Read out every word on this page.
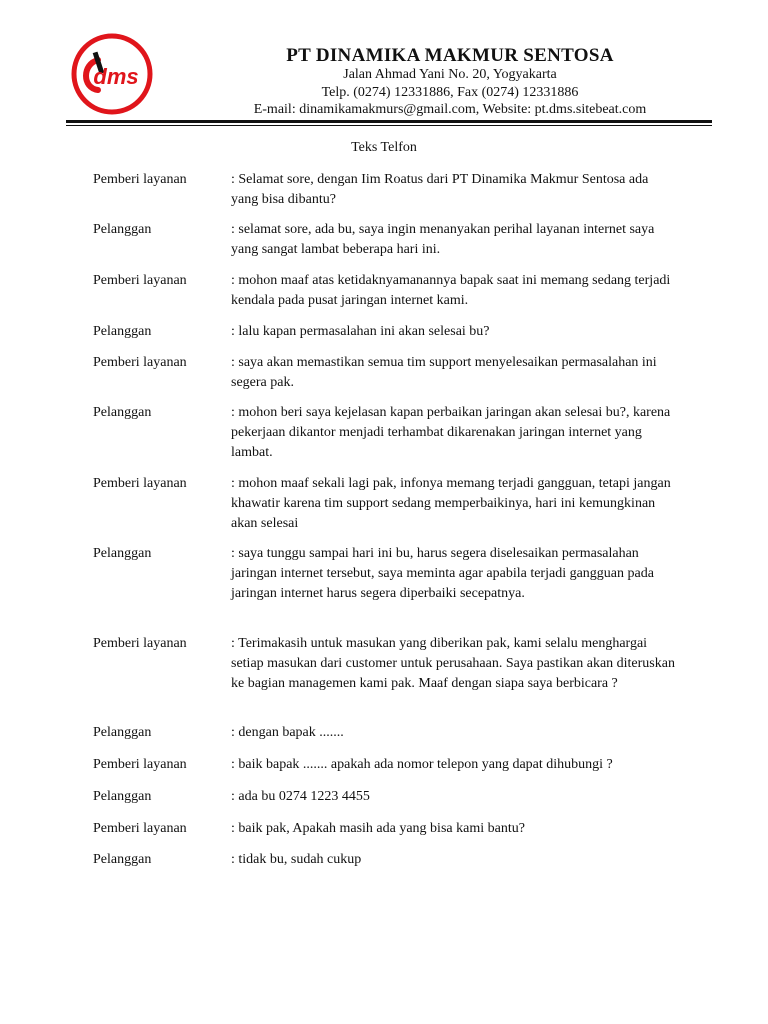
dms
PT DINAMIKA MAKMUR SENTOSA
Jalan Ahmad Yani No. 20, Yogyakarta
Telp. (0274) 12331886, Fax (0274) 12331886
E-mail: dinamikamakmurs@gmail.com, Website: pt.dms.sitebeat.com
Teks Telfon
Pemberi layanan	: Selamat sore, dengan Iim Roatus dari PT Dinamika Makmur Sentosa ada yang bisa dibantu?
Pelanggan	: selamat sore, ada bu, saya ingin menanyakan perihal layanan internet saya yang sangat lambat beberapa hari ini.
Pemberi layanan	: mohon maaf atas ketidaknyamanannya bapak saat ini memang sedang terjadi kendala pada pusat jaringan internet kami.
Pelanggan	: lalu kapan permasalahan ini akan selesai bu?
Pemberi layanan	: saya akan memastikan semua tim support menyelesaikan permasalahan ini segera pak.
Pelanggan	: mohon beri saya kejelasan kapan perbaikan jaringan akan selesai bu?, karena pekerjaan dikantor menjadi terhambat dikarenakan jaringan internet yang lambat.
Pemberi layanan	: mohon maaf sekali lagi pak, infonya memang terjadi gangguan, tetapi jangan khawatir karena tim support sedang memperbaikinya, hari ini kemungkinan akan selesai
Pelanggan	: saya tunggu sampai hari ini bu, harus segera diselesaikan permasalahan jaringan internet tersebut, saya meminta agar apabila terjadi gangguan pada jaringan internet harus segera diperbaiki secepatnya.
Pemberi layanan	: Terimakasih untuk masukan yang diberikan pak, kami selalu menghargai setiap masukan dari customer untuk perusahaan. Saya pastikan akan diteruskan ke bagian managemen kami pak. Maaf dengan siapa saya berbicara ?
Pelanggan	: dengan bapak .......
Pemberi layanan	: baik bapak ....... apakah ada nomor telepon yang dapat dihubungi ?
Pelanggan	: ada bu 0274 1223 4455
Pemberi layanan	: baik pak, Apakah masih ada yang bisa kami bantu?
Pelanggan	: tidak bu, sudah cukup
